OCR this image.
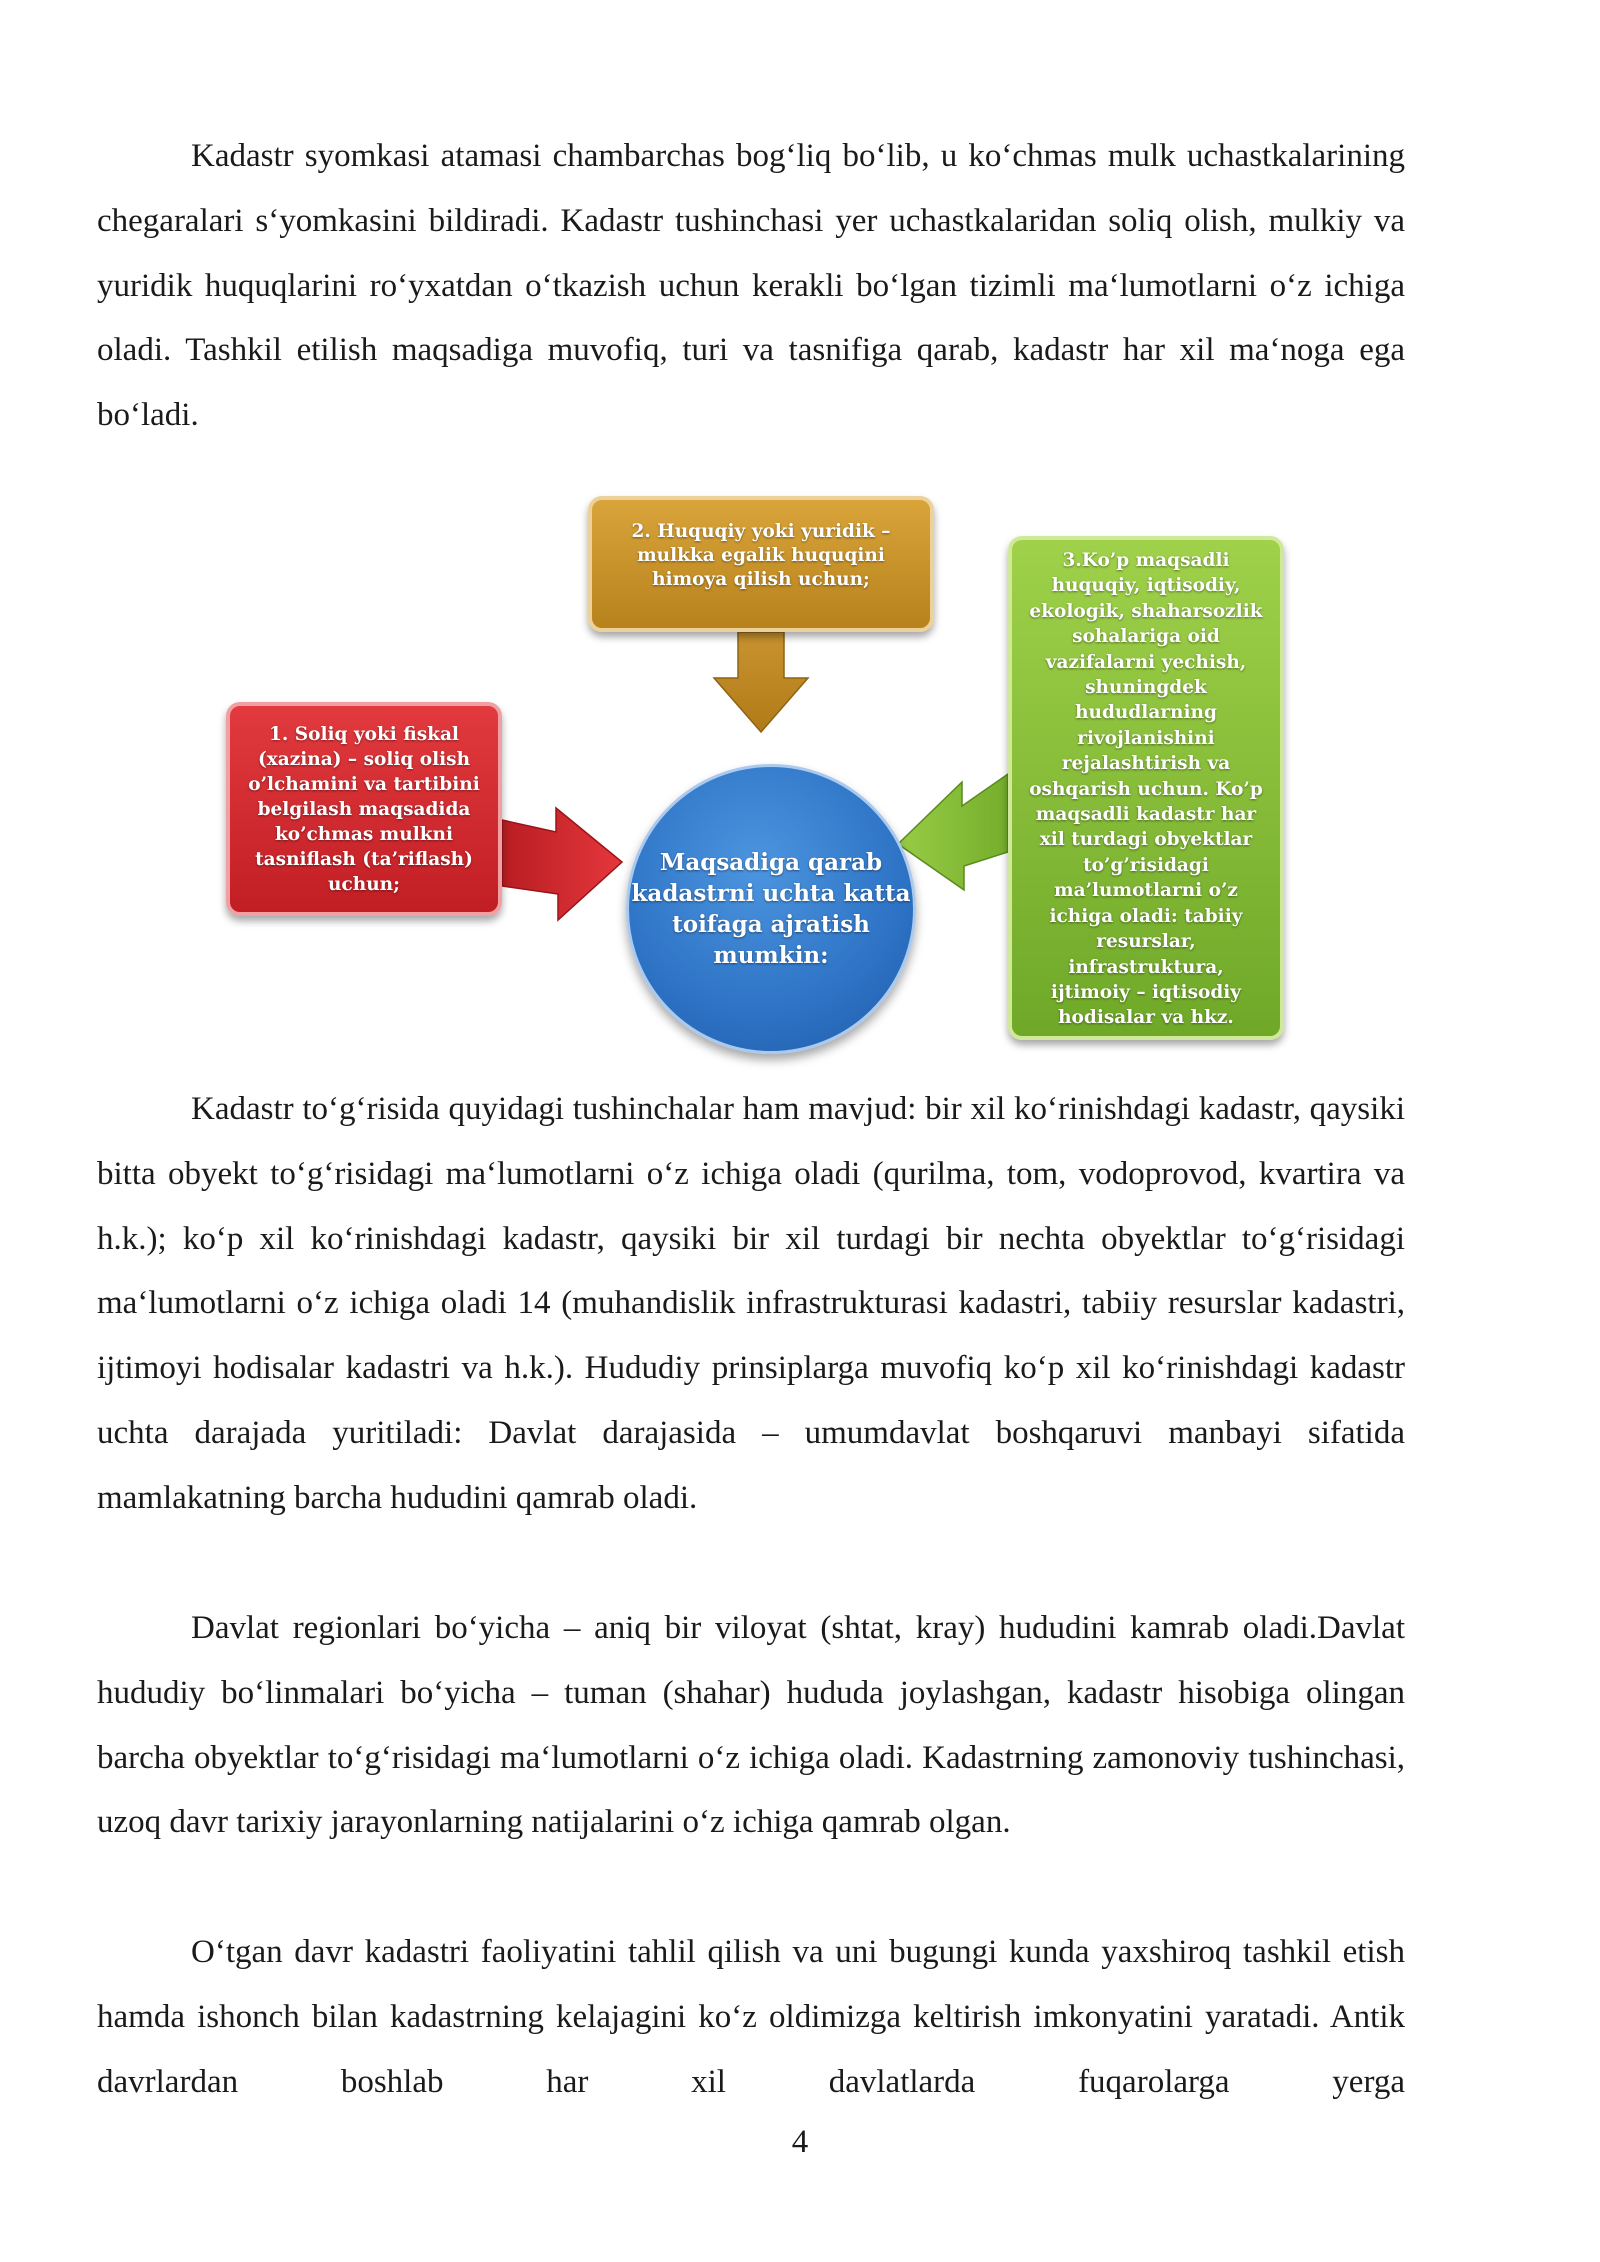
Kadastr syomkasi atamasi chambarchas bog‘liq bo‘lib, u ko‘chmas mulk uchastkalarining chegaralari s‘yomkasini bildiradi. Kadastr tushinchasi yer uchastkalaridan soliq olish, mulkiy va yuridik huquqlarini ro‘yxatdan o‘tkazish uchun kerakli bo‘lgan tizimli ma‘lumotlarni o‘z ichiga oladi. Tashkil etilish maqsadiga muvofiq, turi va tasnifiga qarab, kadastr har xil ma‘noga ega bo‘ladi.

1. Soliq yoki fiskal
(xazina) – soliq olish
o’lchamini va tartibini
belgilash maqsadida
ko’chmas mulkni
tasniflash (ta’riflash)
uchun;
2. Huquqiy yoki yuridik –
mulkka egalik huquqini
himoya qilish uchun;
3.Ko’p maqsadli
huquqiy, iqtisodiy,
ekologik, shaharsozlik
sohalariga oid
vazifalarni yechish,
shuningdek
hududlarning
rivojlanishini
rejalashtirish va
oshqarish uchun. Ko’p
maqsadli kadastr har
xil turdagi obyektlar
to’g’risidagi
ma’lumotlarni o’z
ichiga oladi: tabiiy
resurslar,
infrastruktura,
ijtimoiy – iqtisodiy
hodisalar va hkz.
Maqsadiga qarab kadastrni uchta katta toifaga ajratish mumkin:

Kadastr to‘g‘risida quyidagi tushinchalar ham mavjud: bir xil ko‘rinishdagi kadastr, qaysiki bitta obyekt to‘g‘risidagi ma‘lumotlarni o‘z ichiga oladi (qurilma, tom, vodoprovod, kvartira va h.k.); ko‘p xil ko‘rinishdagi kadastr, qaysiki bir xil turdagi bir nechta obyektlar to‘g‘risidagi ma‘lumotlarni o‘z ichiga oladi 14 (muhandislik infrastrukturasi kadastri, tabiiy resurslar kadastri, ijtimoyi hodisalar kadastri va h.k.). Hududiy prinsiplarga muvofiq ko‘p xil ko‘rinishdagi kadastr uchta darajada yuritiladi: Davlat darajasida – umumdavlat boshqaruvi manbayi sifatida mamlakatning barcha hududini qamrab oladi.

Davlat regionlari bo‘yicha – aniq bir viloyat (shtat, kray) hududini kamrab oladi.Davlat hududiy bo‘linmalari bo‘yicha – tuman (shahar) hududa joylashgan, kadastr hisobiga olingan barcha obyektlar to‘g‘risidagi ma‘lumotlarni o‘z ichiga oladi. Kadastrning zamonoviy tushinchasi, uzoq davr tarixiy jarayonlarning natijalarini o‘z ichiga qamrab olgan.

O‘tgan davr kadastri faoliyatini tahlil qilish va uni bugungi kunda yaxshiroq tashkil etish hamda ishonch bilan kadastrning kelajagini ko‘z oldimizga keltirish imkonyatini yaratadi. Antik davrlardan boshlab har xil davlatlarda fuqarolarga yerga

4
